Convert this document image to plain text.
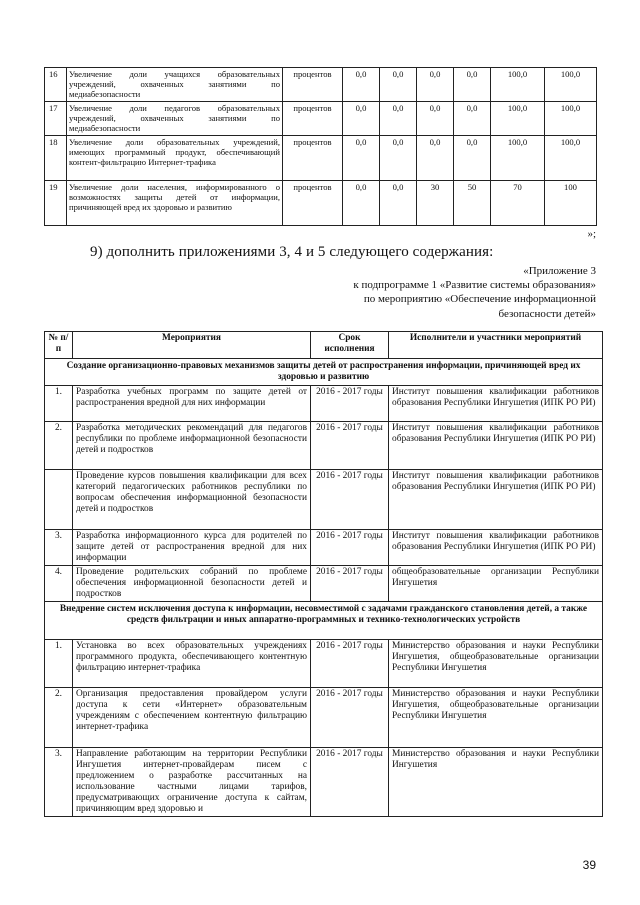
16	Увеличение доли учащихся образовательных учреждений, охваченных занятиями по медиабезопасности	процентов	0,0	0,0	0,0	0,0	100,0	100,0
17	Увеличение доли педагогов образовательных учреждений, охваченных занятиями по медиабезопасности	процентов	0,0	0,0	0,0	0,0	100,0	100,0
18	Увеличение доли образовательных учреждений, имеющих программный продукт, обеспечивающий контент-фильтрацию Интернет-трафика	процентов	0,0	0,0	0,0	0,0	100,0	100,0
19	Увеличение доли населения, информированного о возможностях защиты детей от информации, причиняющей вред их здоровью и развитию	процентов	0,0	0,0	30	50	70	100
»;
9) дополнить приложениями 3, 4 и 5 следующего содержания:
«Приложение 3
к подпрограмме 1 «Развитие системы образования»
по мероприятию «Обеспечение информационной
безопасности детей»
№ п/п	Мероприятия	Срок исполнения	Исполнители и участники мероприятий
Создание организационно-правовых механизмов защиты детей от распространения информации, причиняющей вред их здоровью и развитию			
1.	Разработка учебных программ по защите детей от распространения вредной для них информации	2016 - 2017 годы	Институт повышения квалификации работников образования Республики Ингушетия (ИПК РО РИ)
2.	Разработка методических рекомендаций для педагогов республики по проблеме информационной безопасности детей и подростков	2016 - 2017 годы	Институт повышения квалификации работников образования Республики Ингушетия (ИПК РО РИ)
	Проведение курсов повышения квалификации для всех категорий педагогических работников республики по вопросам обеспечения информационной безопасности детей и подростков	2016 - 2017 годы	Институт повышения квалификации работников образования Республики Ингушетия (ИПК РО РИ)
3.	Разработка информационного курса для родителей по защите детей от распространения вредной для них информации	2016 - 2017 годы	Институт повышения квалификации работников образования Республики Ингушетия (ИПК РО РИ)
4.	Проведение родительских собраний по проблеме обеспечения информационной безопасности детей и подростков	2016 - 2017 годы	общеобразовательные организации Республики Ингушетия
Внедрение систем исключения доступа к информации, несовместимой с задачами гражданского становления детей, а также средств фильтрации и иных аппаратно-программных и технико-технологических устройств			
1.	Установка во всех образовательных учреждениях программного продукта, обеспечивающего контентную фильтрацию интернет-трафика	2016 - 2017 годы	Министерство образования и науки Республики Ингушетия, общеобразовательные организации Республики Ингушетия
2.	Организация предоставления провайдером услуги доступа к сети «Интернет» образовательным учреждениям с обеспечением контентную фильтрацию интернет-трафика	2016 - 2017 годы	Министерство образования и науки Республики Ингушетия, общеобразовательные организации Республики Ингушетия
3.	Направление работающим на территории Республики Ингушетия интернет-провайдерам писем с предложением о разработке рассчитанных на использование частными лицами тарифов, предусматривающих ограничение доступа к сайтам, причиняющим вред здоровью и	2016 - 2017 годы	Министерство образования и науки Республики Ингушетия
39
